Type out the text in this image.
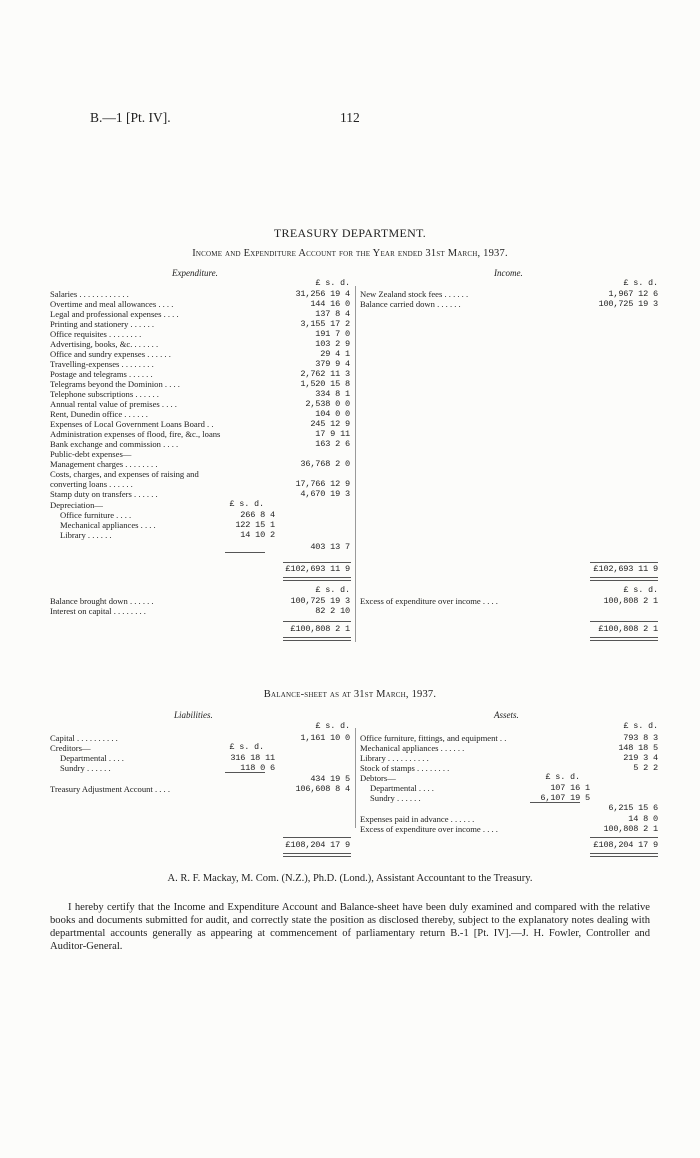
B.—1 [Pt. IV].	112
TREASURY DEPARTMENT.
Income and Expenditure Account for the Year ended 31st March, 1937.
Expenditure.	Income.
£ s. d.	£ s. d.
Salaries . . . . . . . . . . . .	31,256 19 4
Overtime and meal allowances . . . .	144 16 0
Legal and professional expenses . . . .	137 8 4
Printing and stationery . . . . . .	3,155 17 2
Office requisites . . . . . . . .	191 7 0
Advertising, books, &c. . . . . . .	103 2 9
Office and sundry expenses . . . . . .	29 4 1
Travelling-expenses . . . . . . . .	379 9 4
Postage and telegrams . . . . . .	2,762 11 3
Telegrams beyond the Dominion . . . .	1,520 15 8
Telephone subscriptions . . . . . .	334 8 1
Annual rental value of premises . . . .	2,538 0 0
Rent, Dunedin office . . . . . .	104 0 0
Expenses of Local Government Loans Board . .	245 12 9
Administration expenses of flood, fire, &c., loans	17 9 11
Bank exchange and commission . . . .	163 2 6
Public-debt expenses—
Management charges . . . . . . . .	36,768 2 0
Costs, charges, and expenses of raising and
converting loans . . . . . .	17,766 12 9
Stamp duty on transfers . . . . . .	4,670 19 3
Depreciation—	£ s. d.
Office furniture . . . .	266 8 4
Mechanical appliances . . . .	122 15 1
Library . . . . . .	14 10 2
403 13 7
New Zealand stock fees . . . . . .	1,967 12 6
Balance carried down . . . . . .	100,725 19 3
£102,693 11 9	£102,693 11 9
£ s. d.	£ s. d.
Balance brought down . . . . . .	100,725 19 3
Interest on capital . . . . . . . .	82 2 10
Excess of expenditure over income . . . .	100,808 2 1
£100,808 2 1	£100,808 2 1
Balance-sheet as at 31st March, 1937.
Liabilities.	Assets.
£ s. d.	£ s. d.
Capital . . . . . . . . . .	1,161 10 0
Creditors—	£ s. d.
Departmental . . . .	316 18 11
Sundry . . . . . .	118 0 6
434 19 5
Treasury Adjustment Account . . . .	106,608 8 4
Office furniture, fittings, and equipment . .	793 8 3
Mechanical appliances . . . . . .	148 18 5
Library . . . . . . . . . .	219 3 4
Stock of stamps . . . . . . . .	5 2 2
Debtors—	£ s. d.
Departmental . . . .	107 16 1
Sundry . . . . . .	6,107 19 5
6,215 15 6
Expenses paid in advance . . . . . .	14 8 0
Excess of expenditure over income . . . .	100,808 2 1
£108,204 17 9	£108,204 17 9
A. R. F. Mackay, M. Com. (N.Z.), Ph.D. (Lond.), Assistant Accountant to the Treasury.
I hereby certify that the Income and Expenditure Account and Balance-sheet have been duly examined and compared with the relative books and documents submitted for audit, and correctly state the position as disclosed thereby, subject to the explanatory notes dealing with departmental accounts generally as appearing at commencement of parliamentary return B.-1 [Pt. IV].—J. H. Fowler, Controller and Auditor-General.
